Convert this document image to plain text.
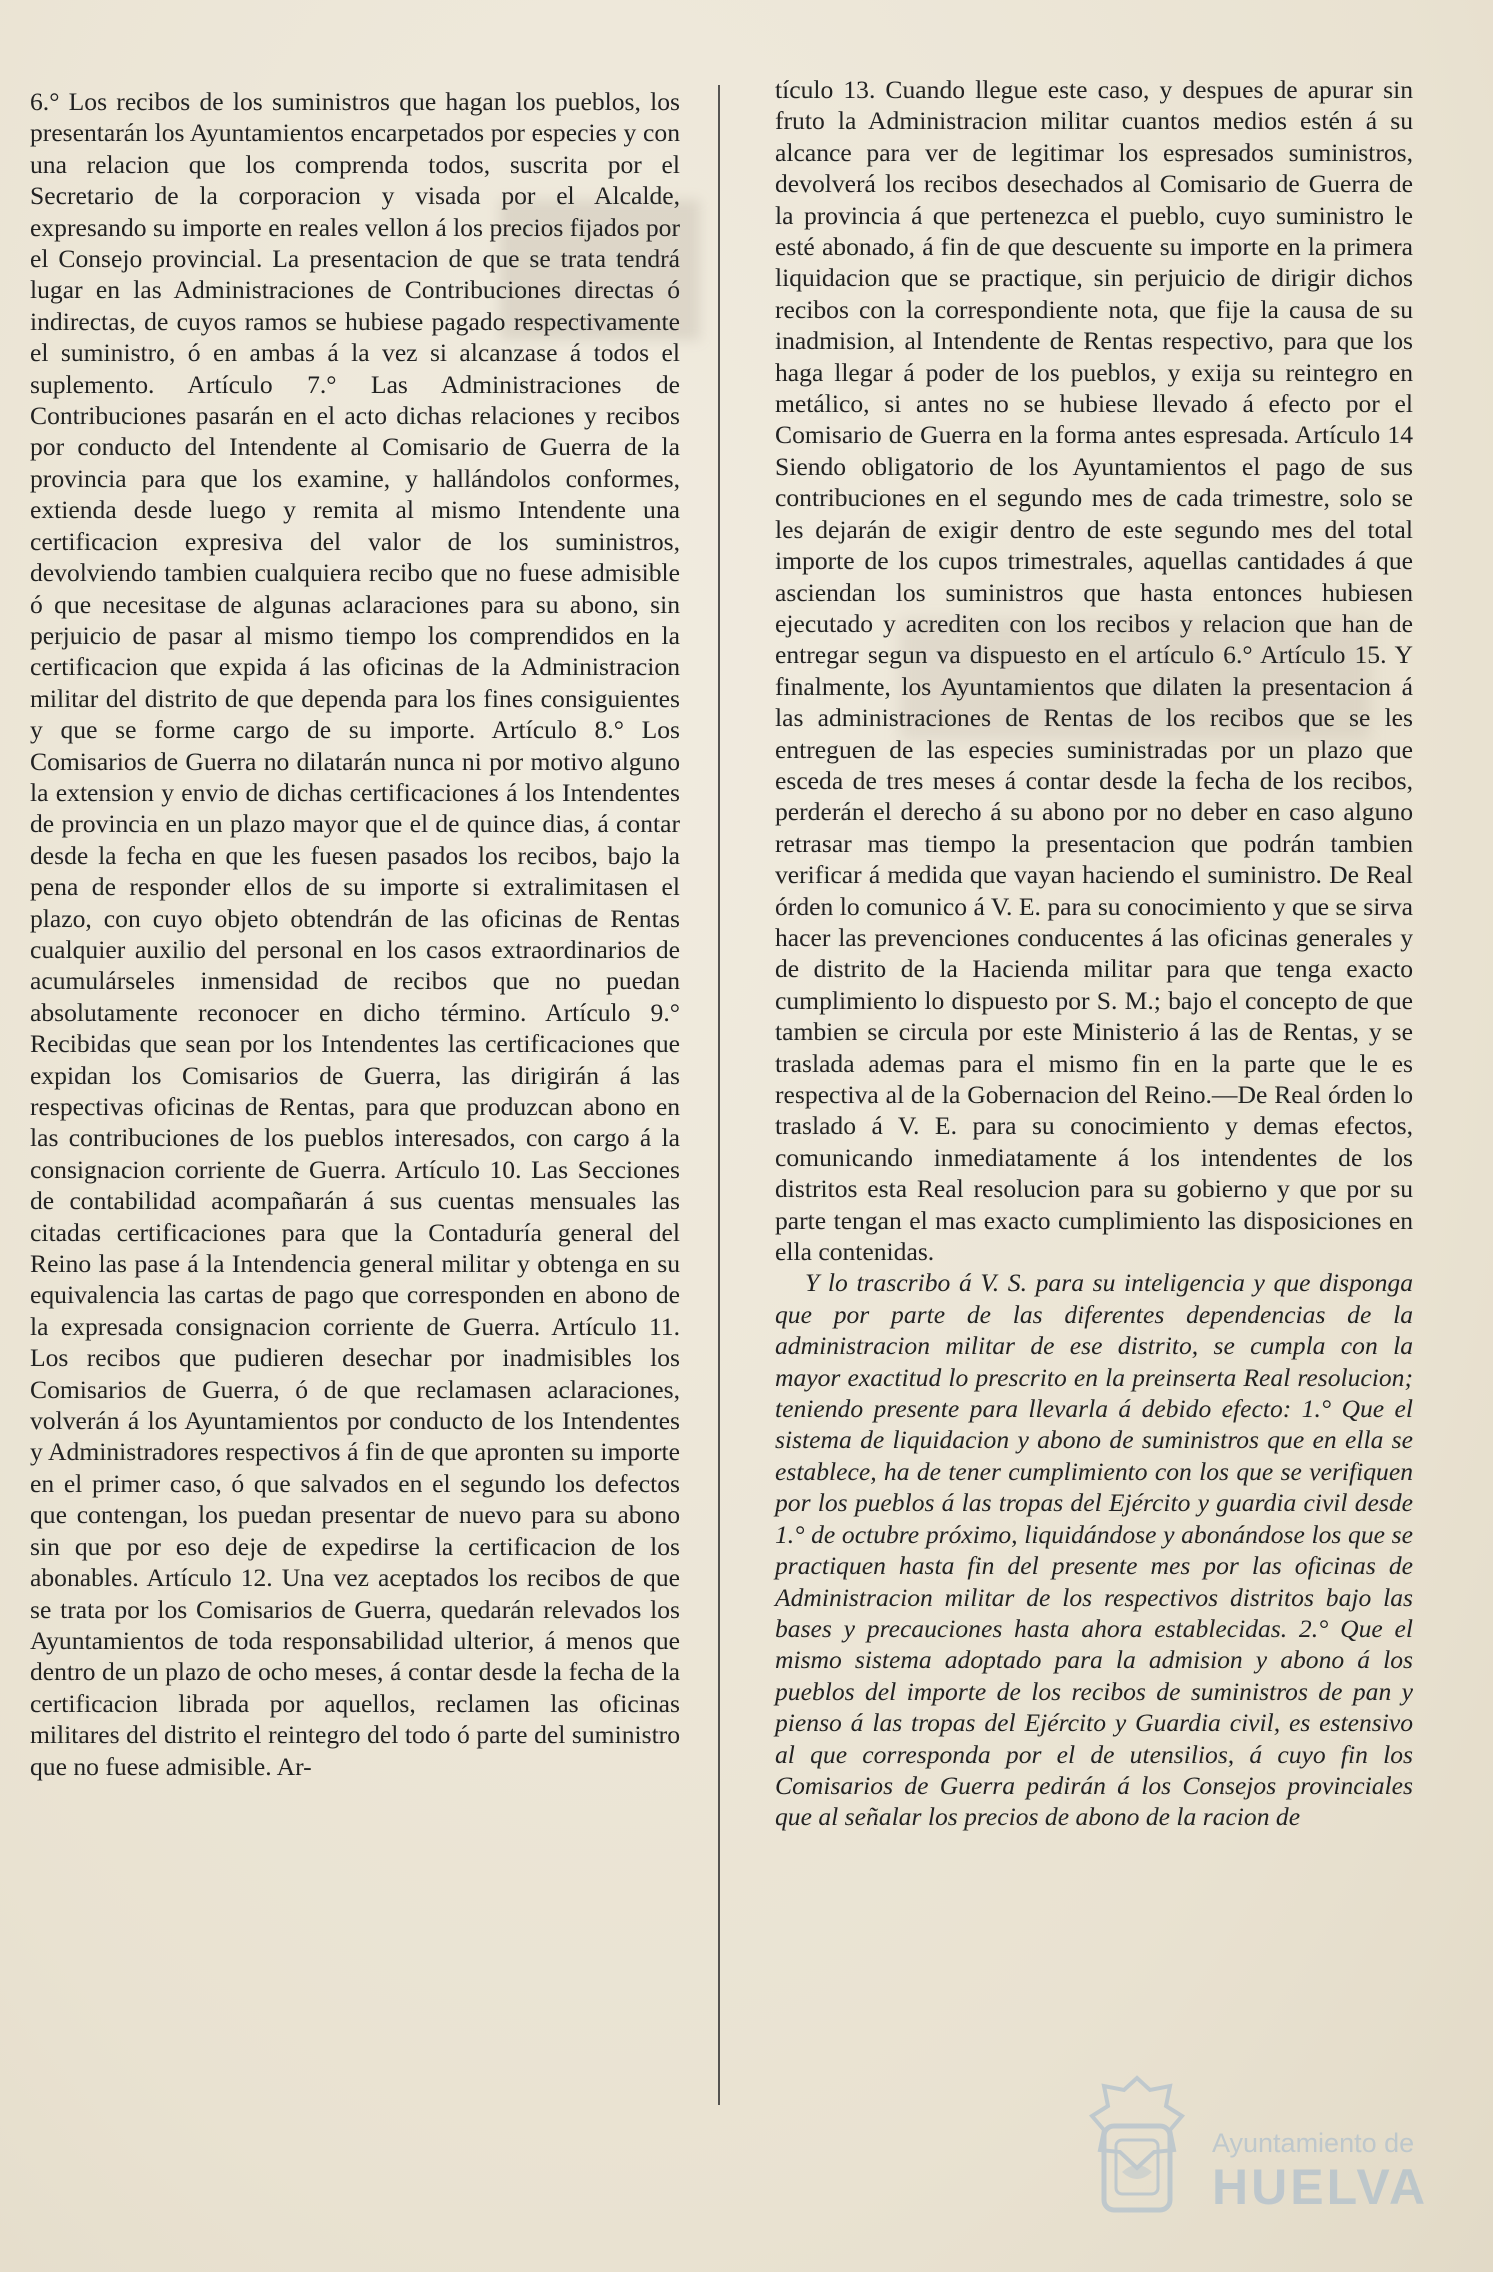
6.° Los recibos de los suministros que hagan los pueblos, los presentarán los Ayuntamientos encarpetados por especies y con una relacion que los comprenda todos, suscrita por el Secretario de la corporacion y visada por el Alcalde, expresando su importe en reales vellon á los precios fijados por el Consejo provincial. La presentacion de que se trata tendrá lugar en las Administraciones de Contribuciones directas ó indirectas, de cuyos ramos se hubiese pagado respectivamente el suministro, ó en ambas á la vez si alcanzase á todos el suplemento. Artículo 7.° Las Administraciones de Contribuciones pasarán en el acto dichas relaciones y recibos por conducto del Intendente al Comisario de Guerra de la provincia para que los examine, y hallándolos conformes, extienda desde luego y remita al mismo Intendente una certificacion expresiva del valor de los suministros, devolviendo tambien cualquiera recibo que no fuese admisible ó que necesitase de algunas aclaraciones para su abono, sin perjuicio de pasar al mismo tiempo los comprendidos en la certificacion que expida á las oficinas de la Administracion militar del distrito de que dependa para los fines consiguientes y que se forme cargo de su importe. Artículo 8.° Los Comisarios de Guerra no dilatarán nunca ni por motivo alguno la extension y envio de dichas certificaciones á los Intendentes de provincia en un plazo mayor que el de quince dias, á contar desde la fecha en que les fuesen pasados los recibos, bajo la pena de responder ellos de su importe si extralimitasen el plazo, con cuyo objeto obtendrán de las oficinas de Rentas cualquier auxilio del personal en los casos extraordinarios de acumulárseles inmensidad de recibos que no puedan absolutamente reconocer en dicho término. Artículo 9.° Recibidas que sean por los Intendentes las certificaciones que expidan los Comisarios de Guerra, las dirigirán á las respectivas oficinas de Rentas, para que produzcan abono en las contribuciones de los pueblos interesados, con cargo á la consignacion corriente de Guerra. Artículo 10. Las Secciones de contabilidad acompañarán á sus cuentas mensuales las citadas certificaciones para que la Contaduría general del Reino las pase á la Intendencia general militar y obtenga en su equivalencia las cartas de pago que corresponden en abono de la expresada consignacion corriente de Guerra. Artículo 11. Los recibos que pudieren desechar por inadmisibles los Comisarios de Guerra, ó de que reclamasen aclaraciones, volverán á los Ayuntamientos por conducto de los Intendentes y Administradores respectivos á fin de que apronten su importe en el primer caso, ó que salvados en el segundo los defectos que contengan, los puedan presentar de nuevo para su abono sin que por eso deje de expedirse la certificacion de los abonables. Artículo 12. Una vez aceptados los recibos de que se trata por los Comisarios de Guerra, quedarán relevados los Ayuntamientos de toda responsabilidad ulterior, á menos que dentro de un plazo de ocho meses, á contar desde la fecha de la certificacion librada por aquellos, reclamen las oficinas militares del distrito el reintegro del todo ó parte del suministro que no fuese admisible. Ar-

tículo 13. Cuando llegue este caso, y despues de apurar sin fruto la Administracion militar cuantos medios estén á su alcance para ver de legitimar los espresados suministros, devolverá los recibos desechados al Comisario de Guerra de la provincia á que pertenezca el pueblo, cuyo suministro le esté abonado, á fin de que descuente su importe en la primera liquidacion que se practique, sin perjuicio de dirigir dichos recibos con la correspondiente nota, que fije la causa de su inadmision, al Intendente de Rentas respectivo, para que los haga llegar á poder de los pueblos, y exija su reintegro en metálico, si antes no se hubiese llevado á efecto por el Comisario de Guerra en la forma antes espresada. Artículo 14 Siendo obligatorio de los Ayuntamientos el pago de sus contribuciones en el segundo mes de cada trimestre, solo se les dejarán de exigir dentro de este segundo mes del total importe de los cupos trimestrales, aquellas cantidades á que asciendan los suministros que hasta entonces hubiesen ejecutado y acrediten con los recibos y relacion que han de entregar segun va dispuesto en el artículo 6.° Artículo 15. Y finalmente, los Ayuntamientos que dilaten la presentacion á las administraciones de Rentas de los recibos que se les entreguen de las especies suministradas por un plazo que esceda de tres meses á contar desde la fecha de los recibos, perderán el derecho á su abono por no deber en caso alguno retrasar mas tiempo la presentacion que podrán tambien verificar á medida que vayan haciendo el suministro. De Real órden lo comunico á V. E. para su conocimiento y que se sirva hacer las prevenciones conducentes á las oficinas generales y de distrito de la Hacienda militar para que tenga exacto cumplimiento lo dispuesto por S. M.; bajo el concepto de que tambien se circula por este Ministerio á las de Rentas, y se traslada ademas para el mismo fin en la parte que le es respectiva al de la Gobernacion del Reino.—De Real órden lo traslado á V. E. para su conocimiento y demas efectos, comunicando inmediatamente á los intendentes de los distritos esta Real resolucion para su gobierno y que por su parte tengan el mas exacto cumplimiento las disposiciones en ella contenidas.

Y lo trascribo á V. S. para su inteligencia y que disponga que por parte de las diferentes dependencias de la administracion militar de ese distrito, se cumpla con la mayor exactitud lo prescrito en la preinserta Real resolucion; teniendo presente para llevarla á debido efecto: 1.° Que el sistema de liquidacion y abono de suministros que en ella se establece, ha de tener cumplimiento con los que se verifiquen por los pueblos á las tropas del Ejército y guardia civil desde 1.° de octubre próximo, liquidándose y abonándose los que se practiquen hasta fin del presente mes por las oficinas de Administracion militar de los respectivos distritos bajo las bases y precauciones hasta ahora establecidas. 2.° Que el mismo sistema adoptado para la admision y abono á los pueblos del importe de los recibos de suministros de pan y pienso á las tropas del Ejército y Guardia civil, es estensivo al que corresponda por el de utensilios, á cuyo fin los Comisarios de Guerra pedirán á los Consejos provinciales que al señalar los precios de abono de la racion de

Ayuntamiento de
HUELVA
